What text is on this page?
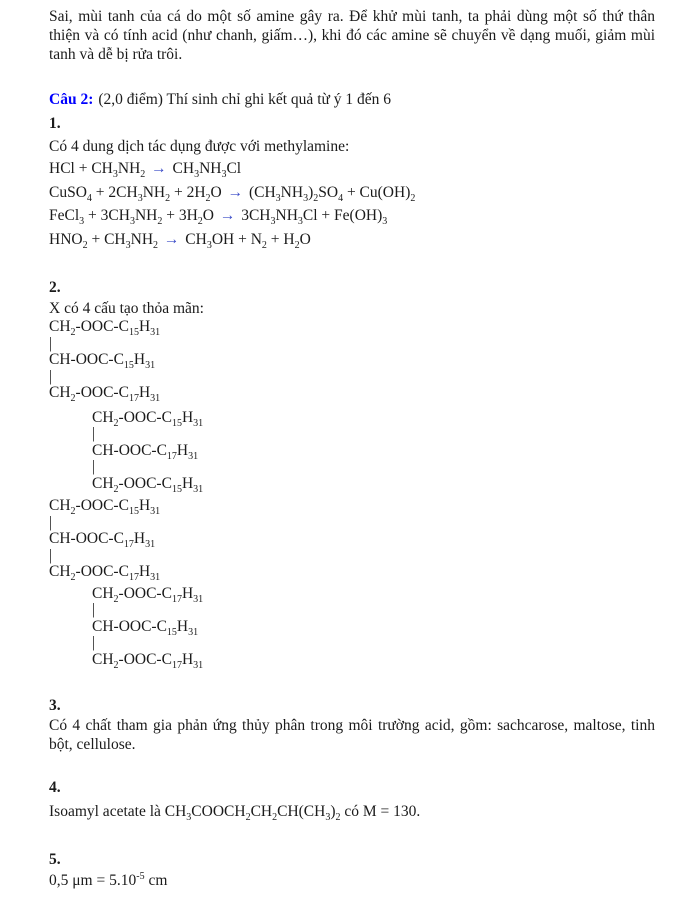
Sai, mùi tanh của cá do một số amine gây ra. Để khử mùi tanh, ta phải dùng một số thứ thân thiện và có tính acid (như chanh, giấm…), khi đó các amine sẽ chuyển về dạng muối, giảm mùi tanh và dễ bị rửa trôi.

Câu 2: (2,0 điểm) Thí sinh chỉ ghi kết quả từ ý 1 đến 6

1.

Có 4 dung dịch tác dụng được với methylamine:

HCl + $CH_3NH_2 \to CH_3NH_3Cl$

CuSO$_4$ + $2CH_3NH_2 + 2H_2O \to (CH_3NH_3)_2SO_4 + Cu(OH)_2$

FeCl$_3$ + $3CH_3NH_2 + 3H_2O \to 3CH_3NH_3Cl + Fe(OH)_3$

$HNO_2 + CH_3NH_2 \to CH_3OH + N_2 + H_2O$

2.

X có 4 cấu tạo thỏa mãn:

$CH_2-OOC-C_{15}H_{31}$

|

$CH-OOC-C_{15}H_{31}$

|

$CH_2-OOC-C_{17}H_{31}$

$CH_2-OOC-C_{15}H_{31}$

|

$CH-OOC-C_{17}H_{31}$

|

$CH_2-OOC-C_{15}H_{31}$

$CH_2-OOC-C_{15}H_{31}$

|

$CH-OOC-C_{17}H_{31}$

|

$CH_2-OOC-C_{17}H_{31}$

$CH_2-OOC-C_{17}H_{31}$

|

$CH-OOC-C_{15}H_{31}$

|

$CH_2-OOC-C_{17}H_{31}$

3.

Có 4 chất tham gia phản ứng thủy phân trong môi trường acid, gồm: sachcarose, maltose, tinh bột, cellulose.

4.

Isoamyl acetate là $CH_3COOCH_2CH_2CH(CH_3)_2$ có M = 130.

5.

0,5 $\mu m = 5.10^{-5}$ cm
